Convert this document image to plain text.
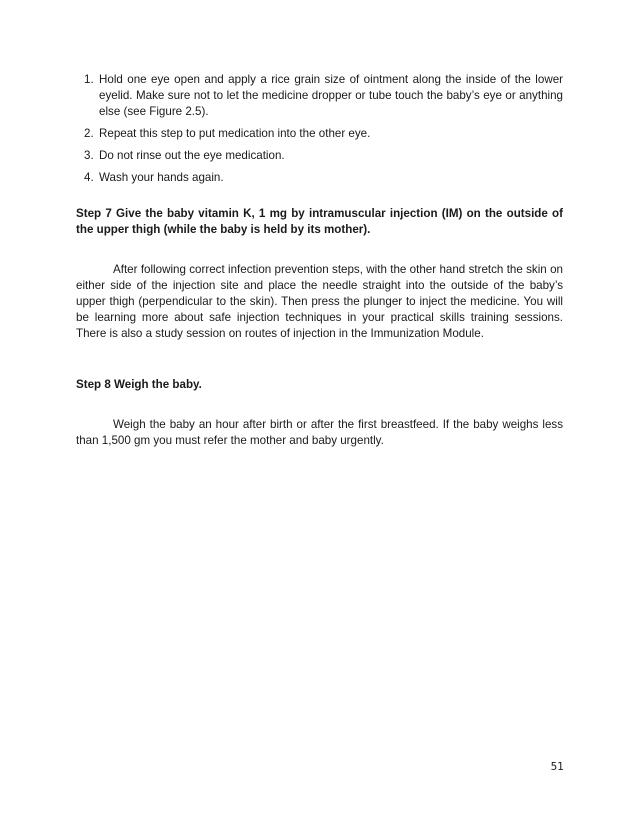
1. Hold one eye open and apply a rice grain size of ointment along the inside of the lower eyelid. Make sure not to let the medicine dropper or tube touch the baby’s eye or anything else (see Figure 2.5).
2. Repeat this step to put medication into the other eye.
3. Do not rinse out the eye medication.
4. Wash your hands again.

Step 7 Give the baby vitamin K, 1 mg by intramuscular injection (IM) on the outside of the upper thigh (while the baby is held by its mother).

After following correct infection prevention steps, with the other hand stretch the skin on either side of the injection site and place the needle straight into the outside of the baby’s upper thigh (perpendicular to the skin). Then press the plunger to inject the medicine. You will be learning more about safe injection techniques in your practical skills training sessions. There is also a study session on routes of injection in the Immunization Module.

Step 8 Weigh the baby.

Weigh the baby an hour after birth or after the first breastfeed. If the baby weighs less than 1,500 gm you must refer the mother and baby urgently.

51
